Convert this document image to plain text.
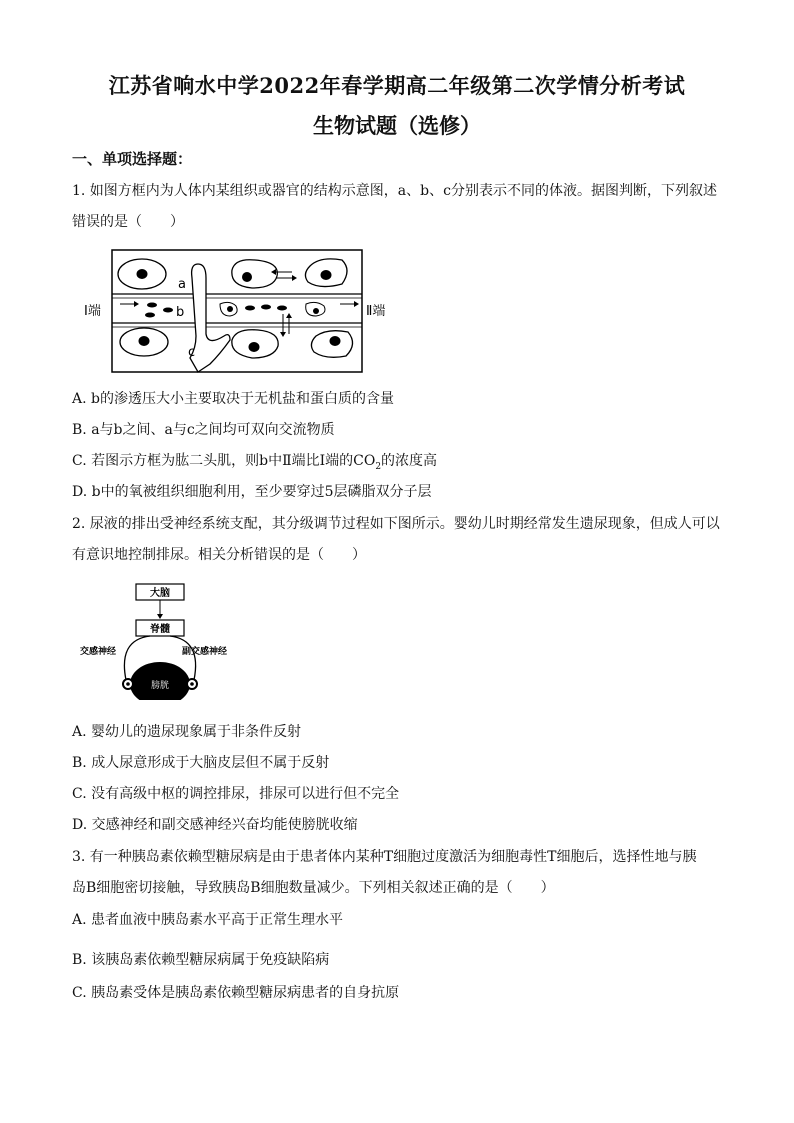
江苏省响水中学2022年春学期高二年级第二次学情分析考试
生物试题（选修）
一、单项选择题：
1. 如图方框内为人体内某组织或器官的结构示意图，a、b、c分别表示不同的体液。据图判断，下列叙述
错误的是（　　）
Ⅰ端	Ⅱ端
a
b
c
A. b的渗透压大小主要取决于无机盐和蛋白质的含量
B. a与b之间、a与c之间均可双向交流物质
C. 若图示方框为肱二头肌，则b中Ⅱ端比Ⅰ端的$CO_2$的浓度高
D. b中的氧被组织细胞利用，至少要穿过5层磷脂双分子层
2. 尿液的排出受神经系统支配，其分级调节过程如下图所示。婴幼儿时期经常发生遗尿现象，但成人可以
有意识地控制排尿。相关分析错误的是（　　）
大脑
脊髓
交感神经	副交感神经
膀胱
A. 婴幼儿的遗尿现象属于非条件反射
B. 成人尿意形成于大脑皮层但不属于反射
C. 没有高级中枢的调控排尿，排尿可以进行但不完全
D. 交感神经和副交感神经兴奋均能使膀胱收缩
3. 有一种胰岛素依赖型糖尿病是由于患者体内某种T细胞过度激活为细胞毒性T细胞后，选择性地与胰
岛B细胞密切接触，导致胰岛B细胞数量减少。下列相关叙述正确的是（　　）
A. 患者血液中胰岛素水平高于正常生理水平
B. 该胰岛素依赖型糖尿病属于免疫缺陷病
C. 胰岛素受体是胰岛素依赖型糖尿病患者的自身抗原
